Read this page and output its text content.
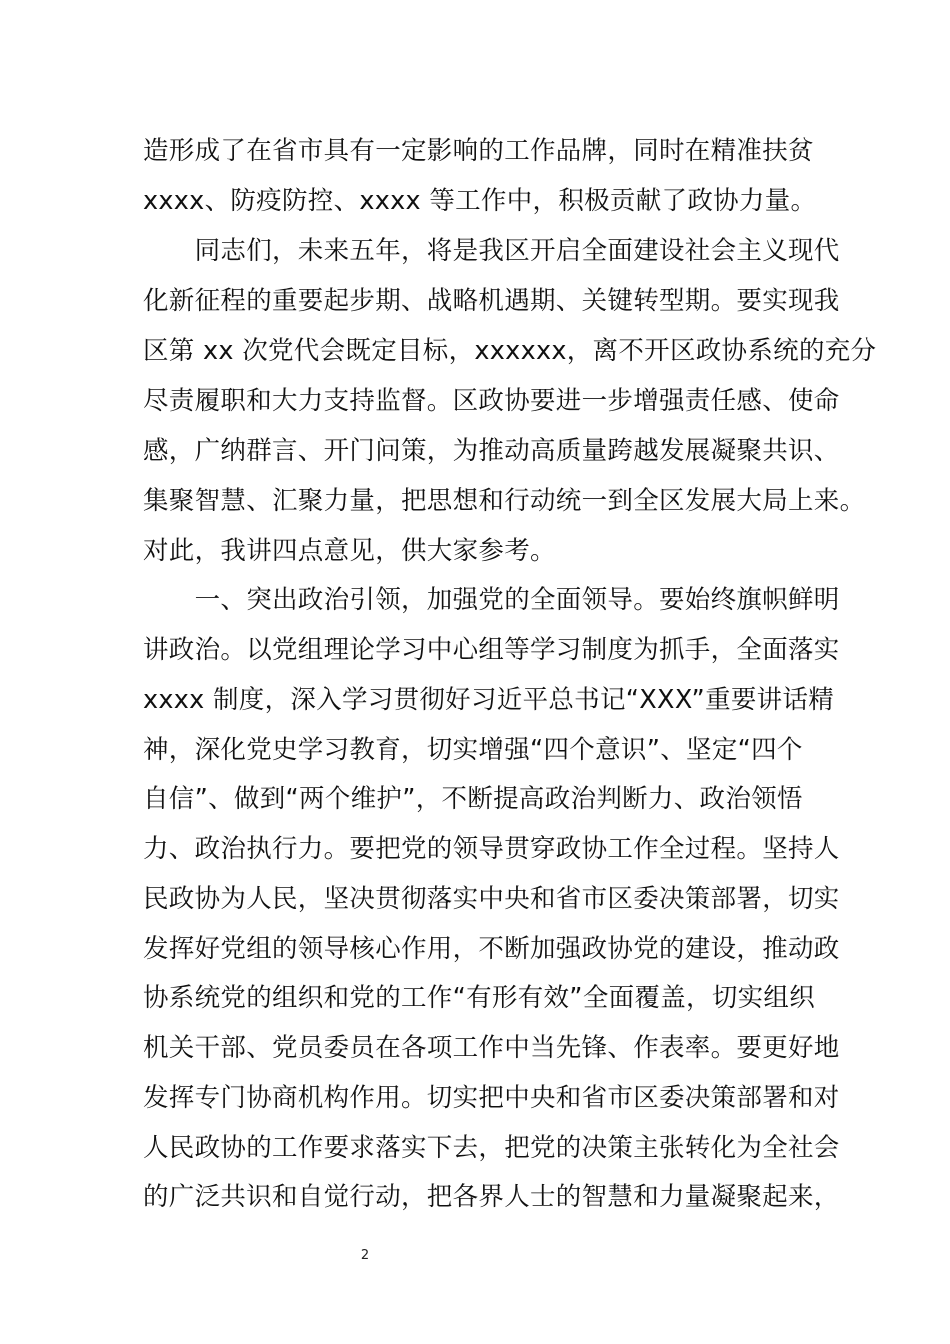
造形成了在省市具有一定影响的工作品牌，同时在精准扶贫
xxxx、防疫防控、xxxx 等工作中，积极贡献了政协力量。
　　同志们，未来五年，将是我区开启全面建设社会主义现代
化新征程的重要起步期、战略机遇期、关键转型期。要实现我
区第 xx 次党代会既定目标，xxxxxx，离不开区政协系统的充分
尽责履职和大力支持监督。区政协要进一步增强责任感、使命
感，广纳群言、开门问策，为推动高质量跨越发展凝聚共识、
集聚智慧、汇聚力量，把思想和行动统一到全区发展大局上来。
对此，我讲四点意见，供大家参考。
　　一、突出政治引领，加强党的全面领导。要始终旗帜鲜明
讲政治。以党组理论学习中心组等学习制度为抓手，全面落实
xxxx 制度，深入学习贯彻好习近平总书记“XXX”重要讲话精
神，深化党史学习教育，切实增强“四个意识”、坚定“四个
自信”、做到“两个维护”，不断提高政治判断力、政治领悟
力、政治执行力。要把党的领导贯穿政协工作全过程。坚持人
民政协为人民，坚决贯彻落实中央和省市区委决策部署，切实
发挥好党组的领导核心作用，不断加强政协党的建设，推动政
协系统党的组织和党的工作“有形有效”全面覆盖，切实组织
机关干部、党员委员在各项工作中当先锋、作表率。要更好地
发挥专门协商机构作用。切实把中央和省市区委决策部署和对
人民政协的工作要求落实下去，把党的决策主张转化为全社会
的广泛共识和自觉行动，把各界人士的智慧和力量凝聚起来，
2
